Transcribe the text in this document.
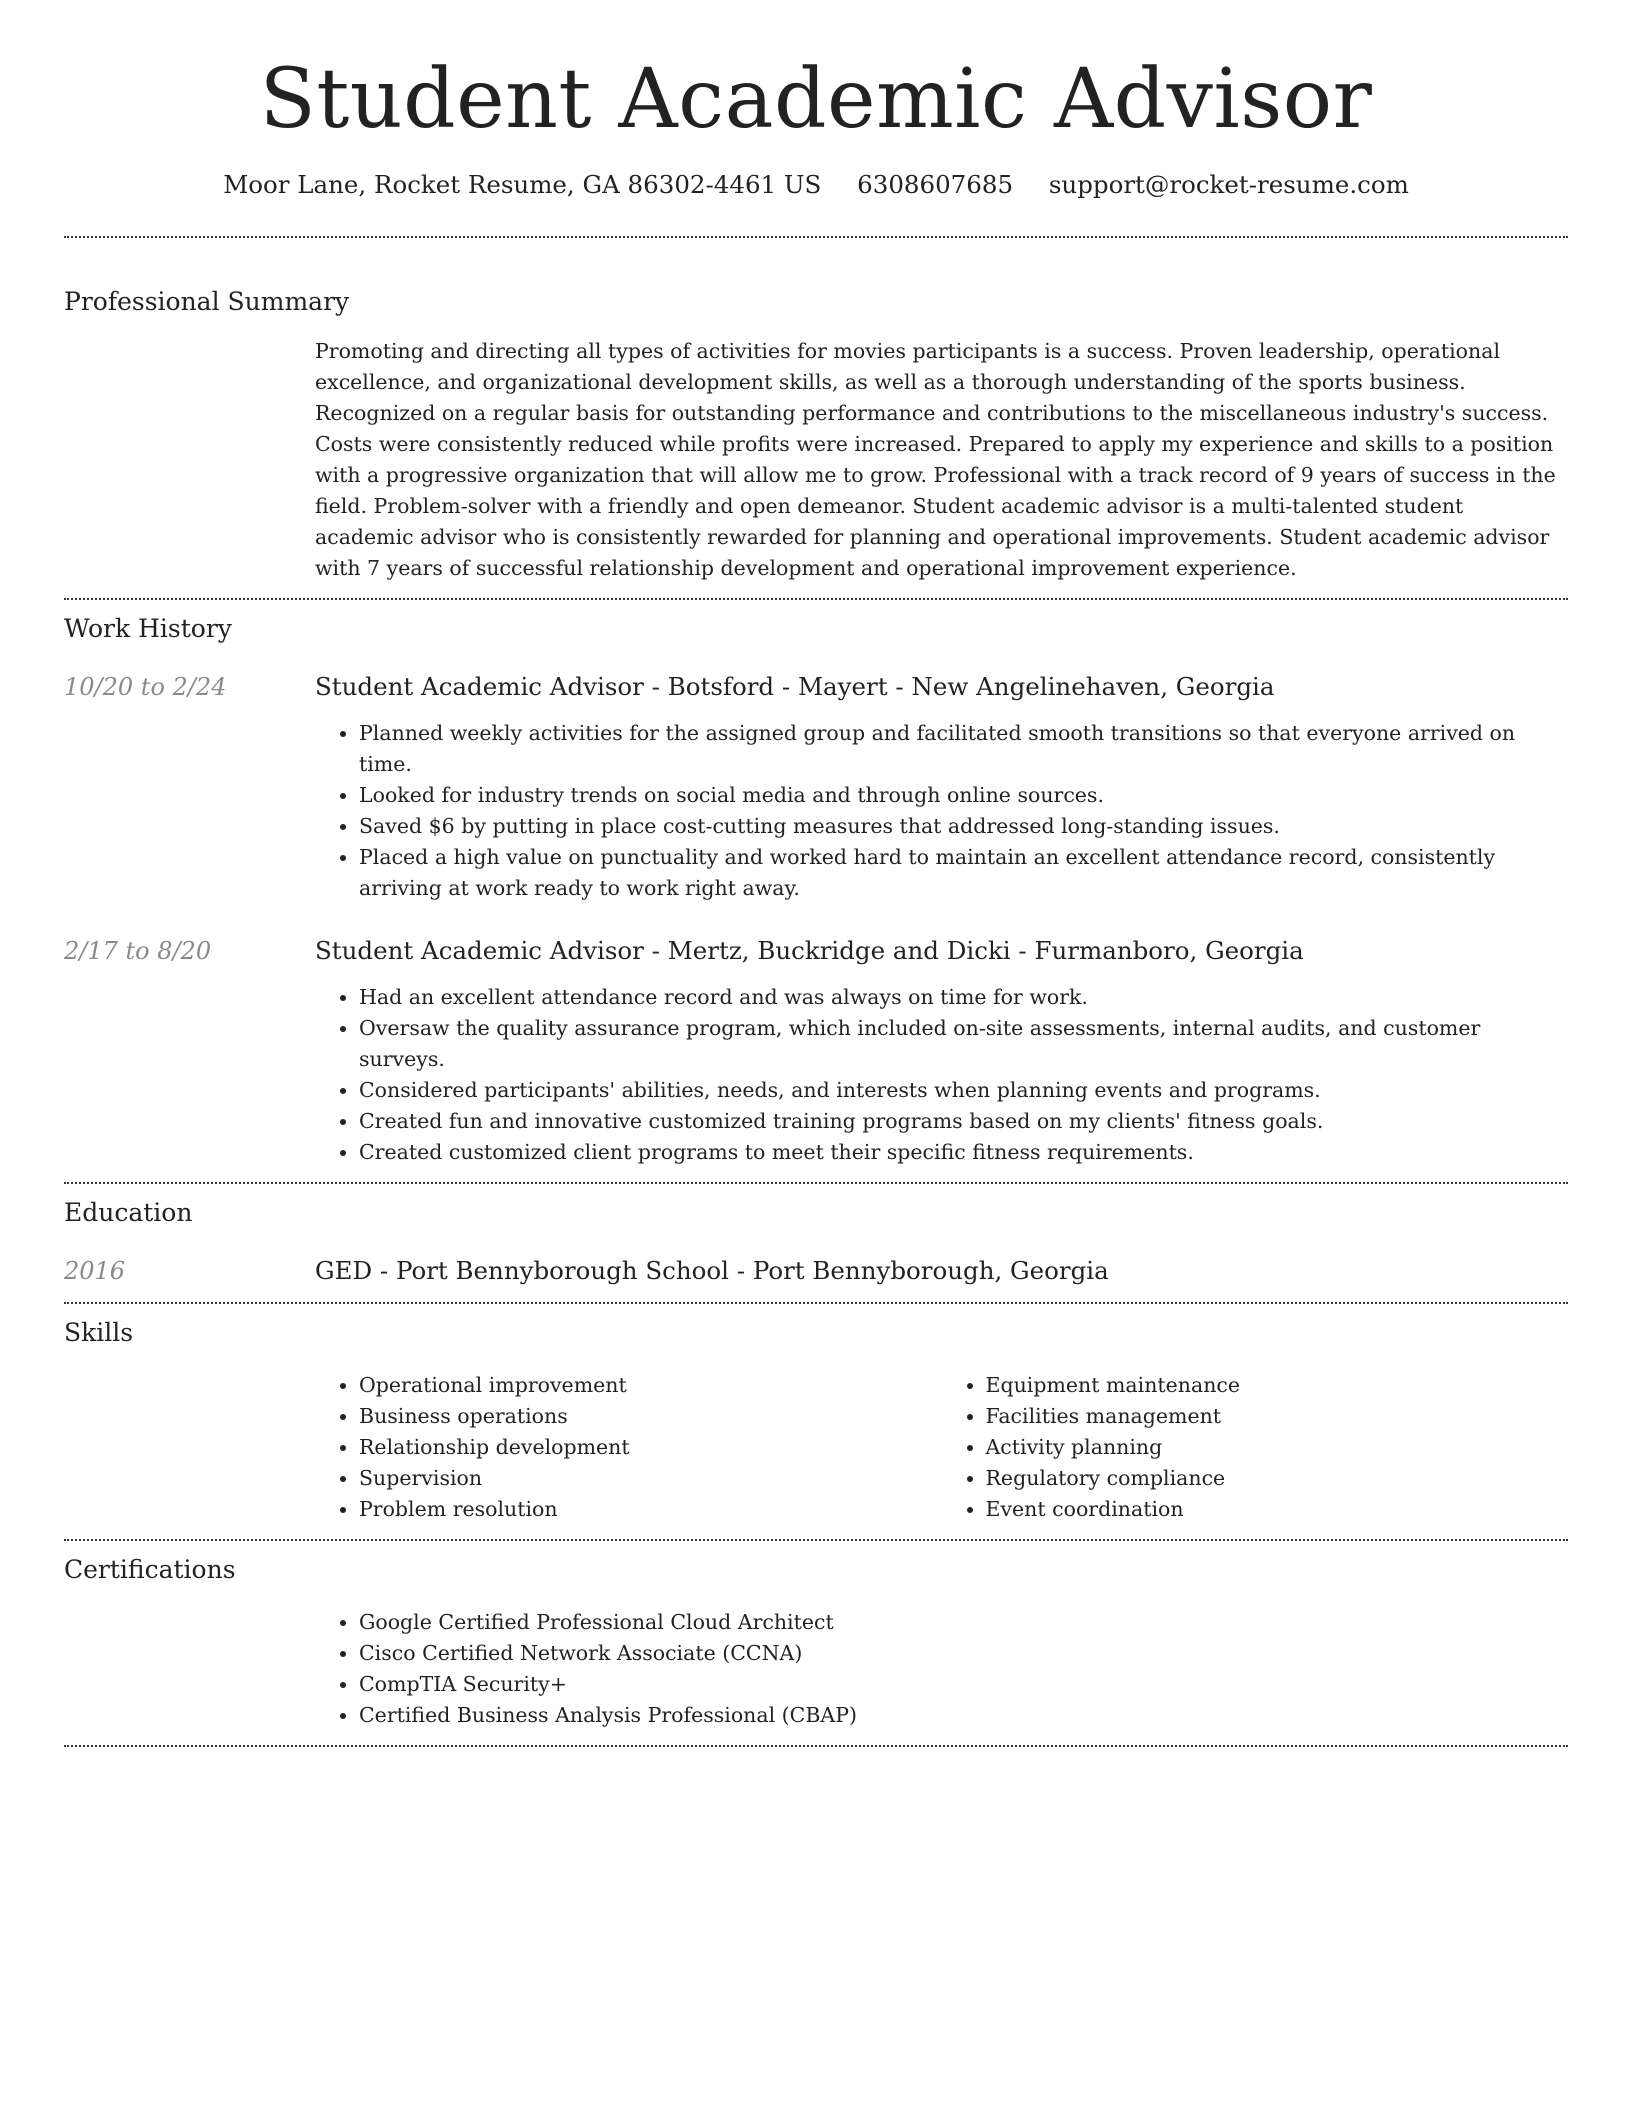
Student Academic Advisor
Moor Lane, Rocket Resume, GA 86302-4461 US 6308607685 support@rocket-resume.com
Professional Summary

Promoting and directing all types of activities for movies participants is a success. Proven leadership, operational excellence, and organizational development skills, as well as a thorough understanding of the sports business. Recognized on a regular basis for outstanding performance and contributions to the miscellaneous industry's success. Costs were consistently reduced while profits were increased. Prepared to apply my experience and skills to a position with a progressive organization that will allow me to grow. Professional with a track record of 9 years of success in the field. Problem-solver with a friendly and open demeanor. Student academic advisor is a multi-talented student academic advisor who is consistently rewarded for planning and operational improvements. Student academic advisor with 7 years of successful relationship development and operational improvement experience.

Work History
10/20 to 2/24	Student Academic Advisor - Botsford - Mayert - New Angelinehaven, Georgia
• Planned weekly activities for the assigned group and facilitated smooth transitions so that everyone arrived on time.
• Looked for industry trends on social media and through online sources.
• Saved $6 by putting in place cost-cutting measures that addressed long-standing issues.
• Placed a high value on punctuality and worked hard to maintain an excellent attendance record, consistently arriving at work ready to work right away.
2/17 to 8/20	Student Academic Advisor - Mertz, Buckridge and Dicki - Furmanboro, Georgia
• Had an excellent attendance record and was always on time for work.
• Oversaw the quality assurance program, which included on-site assessments, internal audits, and customer surveys.
• Considered participants' abilities, needs, and interests when planning events and programs.
• Created fun and innovative customized training programs based on my clients' fitness goals.
• Created customized client programs to meet their specific fitness requirements.
Education
2016	GED - Port Bennyborough School - Port Bennyborough, Georgia
Skills
• Operational improvement
• Business operations
• Relationship development
• Supervision
• Problem resolution
• Equipment maintenance
• Facilities management
• Activity planning
• Regulatory compliance
• Event coordination
Certifications
• Google Certified Professional Cloud Architect
• Cisco Certified Network Associate (CCNA)
• CompTIA Security+
• Certified Business Analysis Professional (CBAP)
